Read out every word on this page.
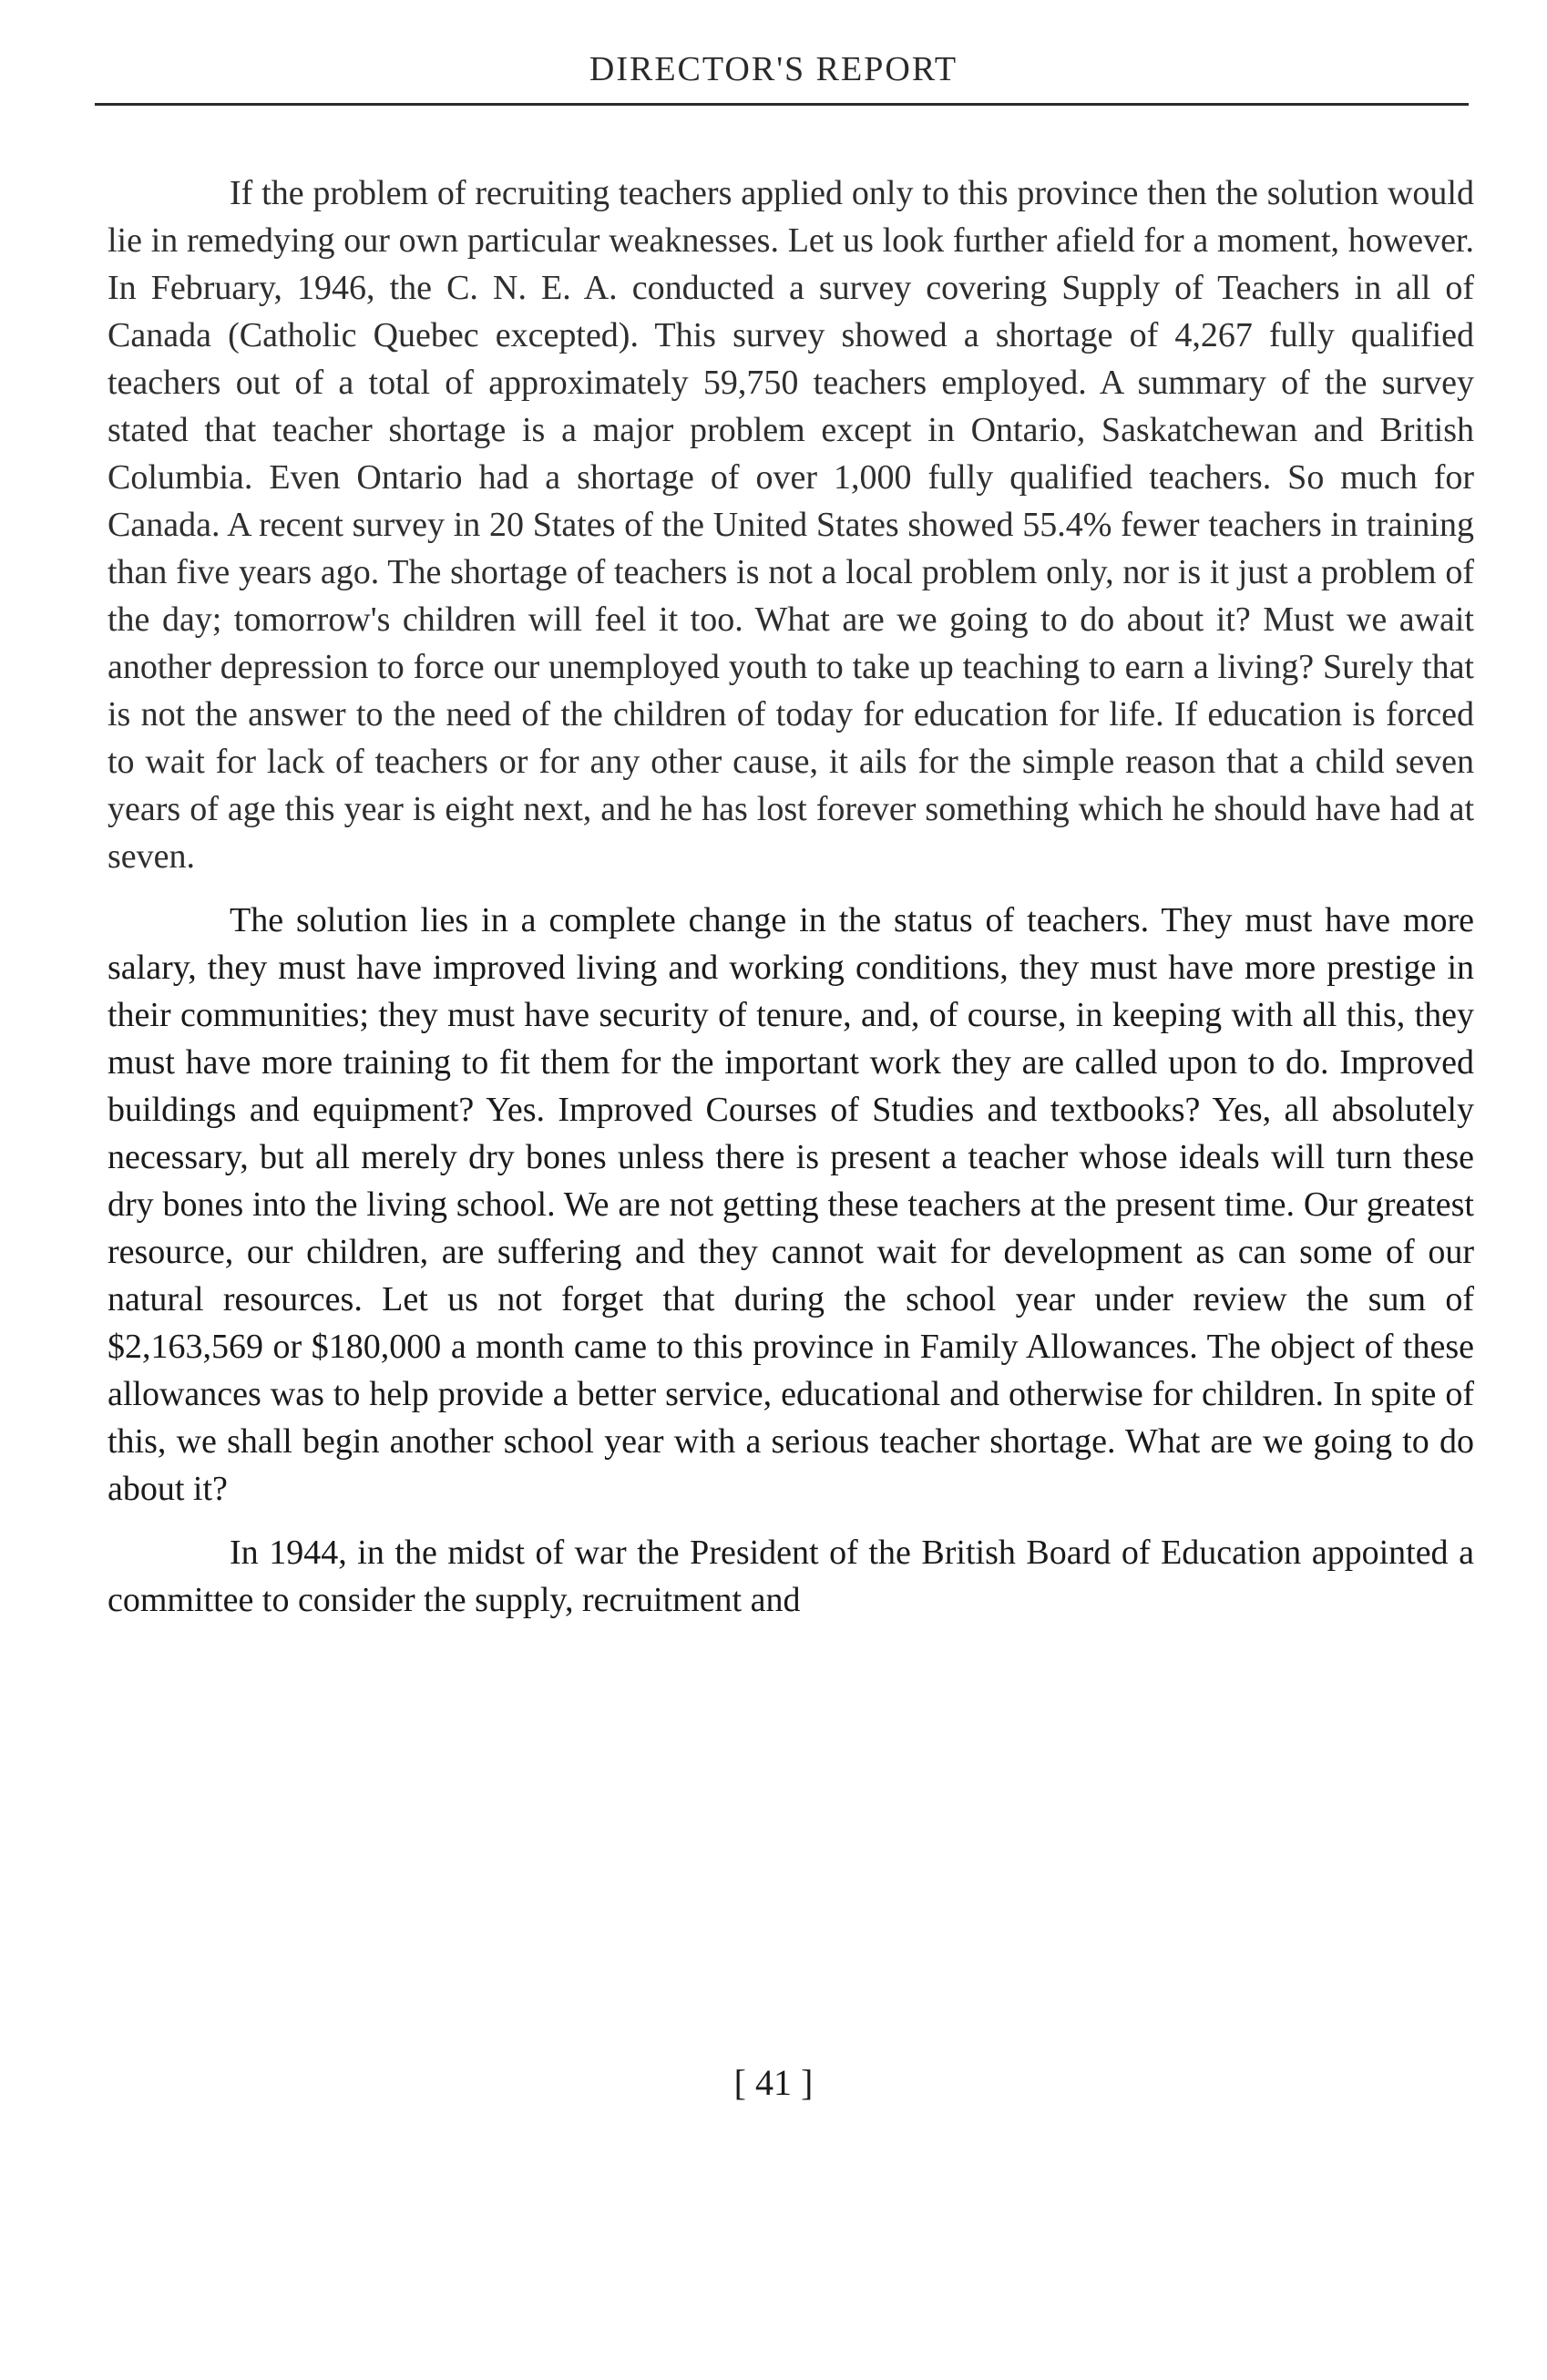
DIRECTOR'S REPORT

If the problem of recruiting teachers applied only to this province then the solution would lie in remedying our own particular weaknesses. Let us look further afield for a moment, however. In February, 1946, the C. N. E. A. conducted a survey covering Supply of Teachers in all of Canada (Catholic Quebec excepted). This survey showed a shortage of 4,267 fully qualified teachers out of a total of approximately 59,750 teachers employed. A summary of the survey stated that teacher shortage is a major problem except in Ontario, Saskatchewan and British Columbia. Even Ontario had a shortage of over 1,000 fully qualified teachers. So much for Canada. A recent survey in 20 States of the United States showed 55.4% fewer teachers in training than five years ago. The shortage of teachers is not a local problem only, nor is it just a problem of the day; tomorrow's children will feel it too. What are we going to do about it? Must we await another depression to force our unemployed youth to take up teaching to earn a living? Surely that is not the answer to the need of the children of today for education for life. If education is forced to wait for lack of teachers or for any other cause, it ails for the simple reason that a child seven years of age this year is eight next, and he has lost forever something which he should have had at seven.

The solution lies in a complete change in the status of teachers. They must have more salary, they must have improved living and working conditions, they must have more prestige in their communities; they must have security of tenure, and, of course, in keeping with all this, they must have more training to fit them for the important work they are called upon to do. Improved buildings and equipment? Yes. Improved Courses of Studies and textbooks? Yes, all absolutely necessary, but all merely dry bones unless there is present a teacher whose ideals will turn these dry bones into the living school. We are not getting these teachers at the present time. Our greatest resource, our children, are suffering and they cannot wait for development as can some of our natural resources. Let us not forget that during the school year under review the sum of $2,163,569 or $180,000 a month came to this province in Family Allowances. The object of these allowances was to help provide a better service, educational and otherwise for children. In spite of this, we shall begin another school year with a serious teacher shortage. What are we going to do about it?

In 1944, in the midst of war the President of the British Board of Education appointed a committee to consider the supply, recruitment and

[ 41 ]
